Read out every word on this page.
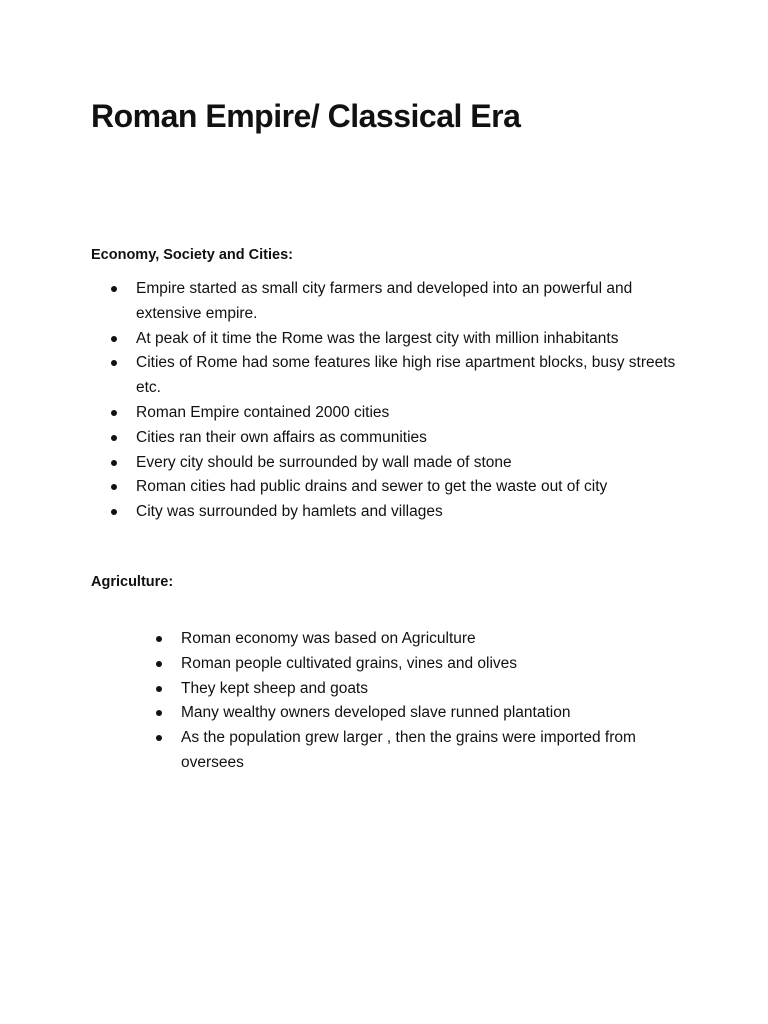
Roman Empire/ Classical Era
Economy, Society and Cities:
Empire started as small city farmers and developed into an powerful and extensive empire.
At peak of it time the Rome was the largest city with million inhabitants
Cities of Rome had some features like high rise apartment blocks, busy streets etc.
Roman Empire contained 2000 cities
Cities ran their own affairs as communities
Every city should be surrounded by wall made of stone
Roman cities had public drains and sewer to get the waste out of city
City was surrounded by hamlets and villages
Agriculture:
Roman economy was based on Agriculture
Roman people cultivated grains, vines and olives
They kept sheep and goats
Many wealthy owners developed slave runned plantation
As the population grew larger , then the grains were imported from oversees
